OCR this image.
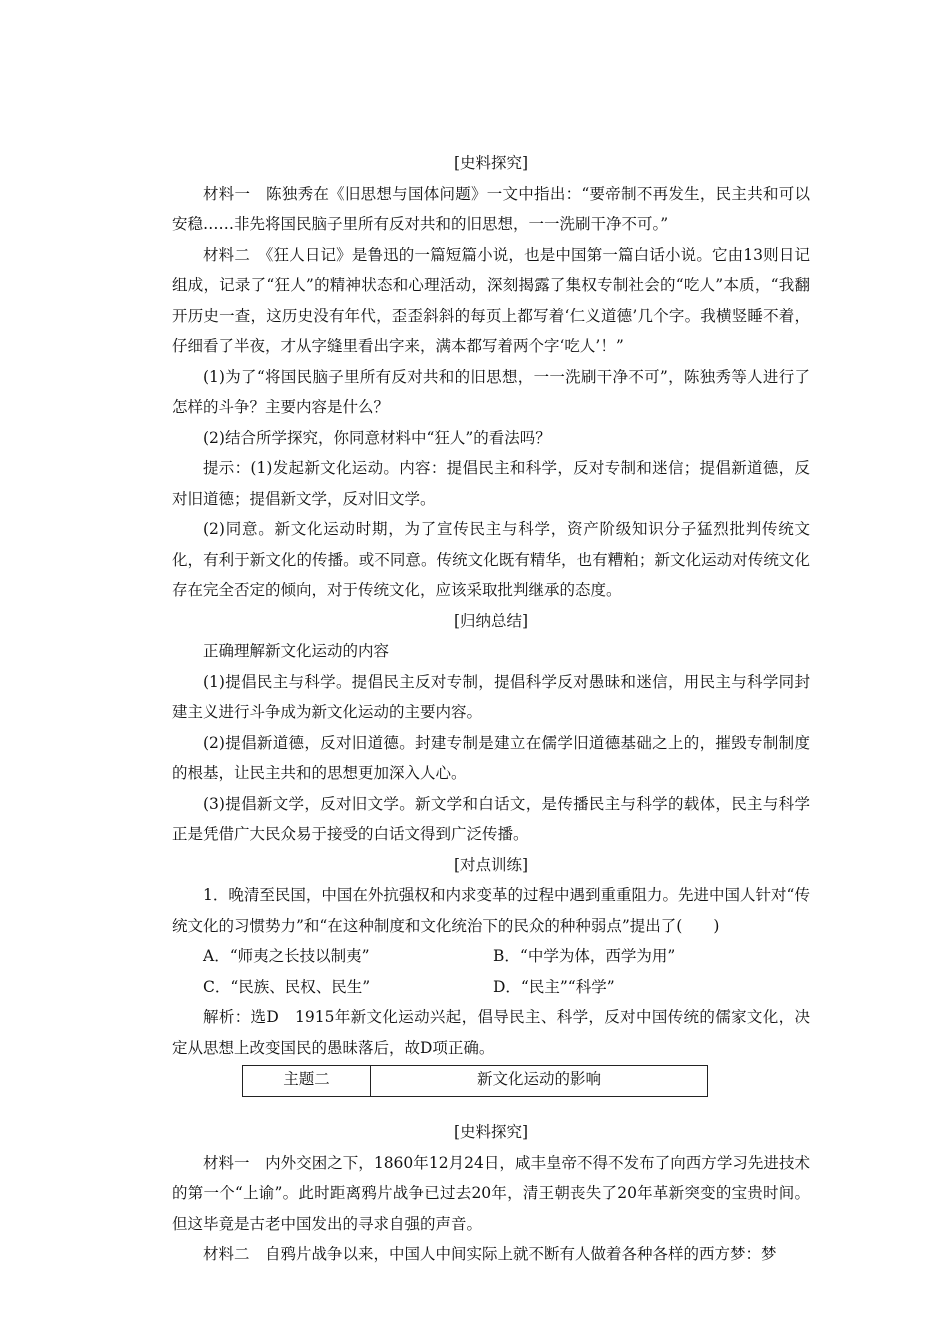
[史料探究]

材料一　陈独秀在《旧思想与国体问题》一文中指出：“要帝制不再发生，民主共和可以安稳……非先将国民脑子里所有反对共和的旧思想，一一洗刷干净不可。”

材料二　《狂人日记》是鲁迅的一篇短篇小说，也是中国第一篇白话小说。它由13则日记组成，记录了“狂人”的精神状态和心理活动，深刻揭露了集权专制社会的“吃人”本质，“我翻开历史一查，这历史没有年代，歪歪斜斜的每页上都写着‘仁义道德’几个字。我横竖睡不着，仔细看了半夜，才从字缝里看出字来，满本都写着两个字‘吃人’！”

(1)为了“将国民脑子里所有反对共和的旧思想，一一洗刷干净不可”，陈独秀等人进行了怎样的斗争？主要内容是什么？

(2)结合所学探究，你同意材料中“狂人”的看法吗？

提示：(1)发起新文化运动。内容：提倡民主和科学，反对专制和迷信；提倡新道德，反对旧道德；提倡新文学，反对旧文学。

(2)同意。新文化运动时期，为了宣传民主与科学，资产阶级知识分子猛烈批判传统文化，有利于新文化的传播。或不同意。传统文化既有精华，也有糟粕；新文化运动对传统文化存在完全否定的倾向，对于传统文化，应该采取批判继承的态度。

[归纳总结]

正确理解新文化运动的内容

(1)提倡民主与科学。提倡民主反对专制，提倡科学反对愚昧和迷信，用民主与科学同封建主义进行斗争成为新文化运动的主要内容。

(2)提倡新道德，反对旧道德。封建专制是建立在儒学旧道德基础之上的，摧毁专制制度的根基，让民主共和的思想更加深入人心。

(3)提倡新文学，反对旧文学。新文学和白话文，是传播民主与科学的载体，民主与科学正是凭借广大民众易于接受的白话文得到广泛传播。

[对点训练]

1．晚清至民国，中国在外抗强权和内求变革的过程中遇到重重阻力。先进中国人针对“传统文化的习惯势力”和“在这种制度和文化统治下的民众的种种弱点”提出了(　　)

A．“师夷之长技以制夷”	B．“中学为体，西学为用”
C．“民族、民权、民生”	D．“民主”“科学”

解析：选D　1915年新文化运动兴起，倡导民主、科学，反对中国传统的儒家文化，决定从思想上改变国民的愚昧落后，故D项正确。

主题二	新文化运动的影响
[史料探究]

材料一　内外交困之下，1860年12月24日，咸丰皇帝不得不发布了向西方学习先进技术的第一个“上谕”。此时距离鸦片战争已过去20年，清王朝丧失了20年革新突变的宝贵时间。但这毕竟是古老中国发出的寻求自强的声音。

材料二　自鸦片战争以来，中国人中间实际上就不断有人做着各种各样的西方梦：梦
